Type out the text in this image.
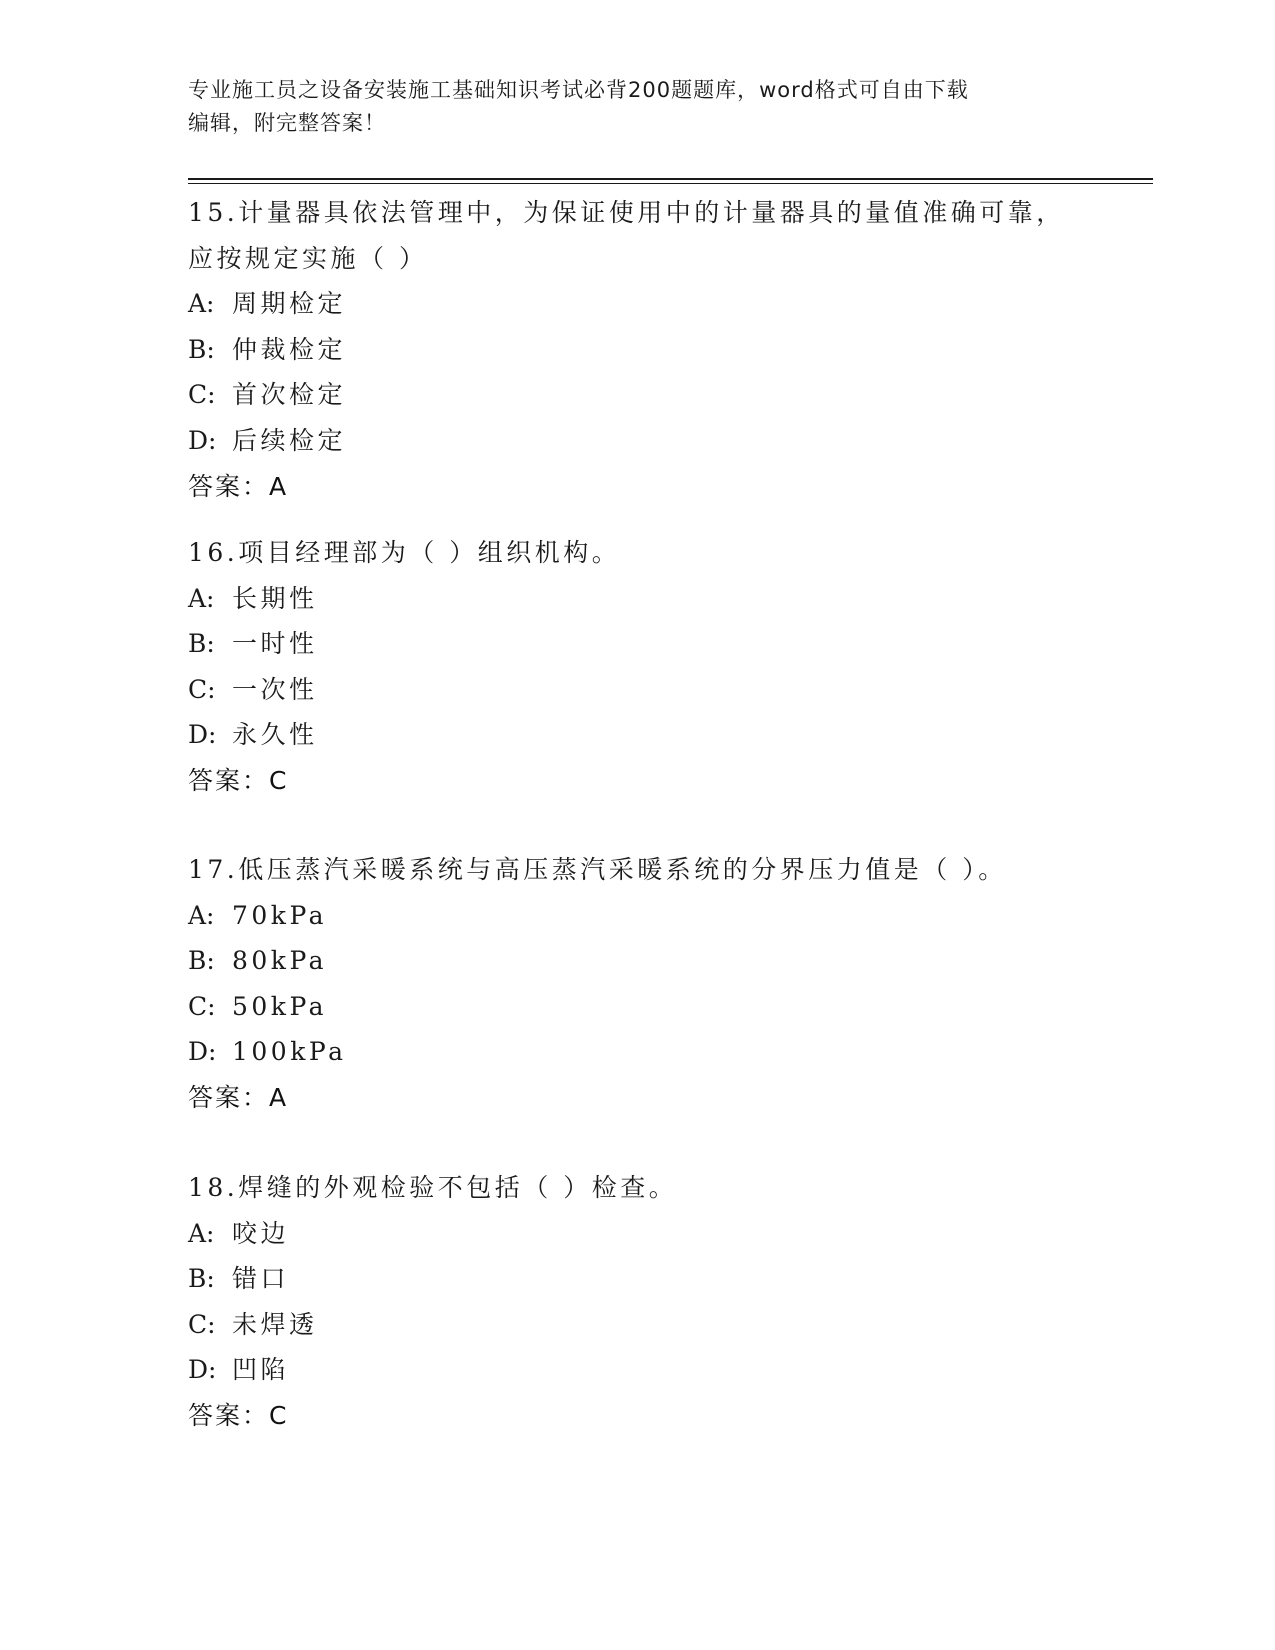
专业施工员之设备安装施工基础知识考试必背200题题库，word格式可自由下载
编辑，附完整答案！
15.计量器具依法管理中，为保证使用中的计量器具的量值准确可靠，
应按规定实施（ ）
A: 周期检定
B: 仲裁检定
C: 首次检定
D: 后续检定
答案：A
16.项目经理部为（ ）组织机构。
A: 长期性
B: 一时性
C: 一次性
D: 永久性
答案：C
17.低压蒸汽采暖系统与高压蒸汽采暖系统的分界压力值是（ ）。
A: 70kPa
B: 80kPa
C: 50kPa
D: 100kPa
答案：A
18.焊缝的外观检验不包括（ ）检查。
A: 咬边
B: 错口
C: 未焊透
D: 凹陷
答案：C
